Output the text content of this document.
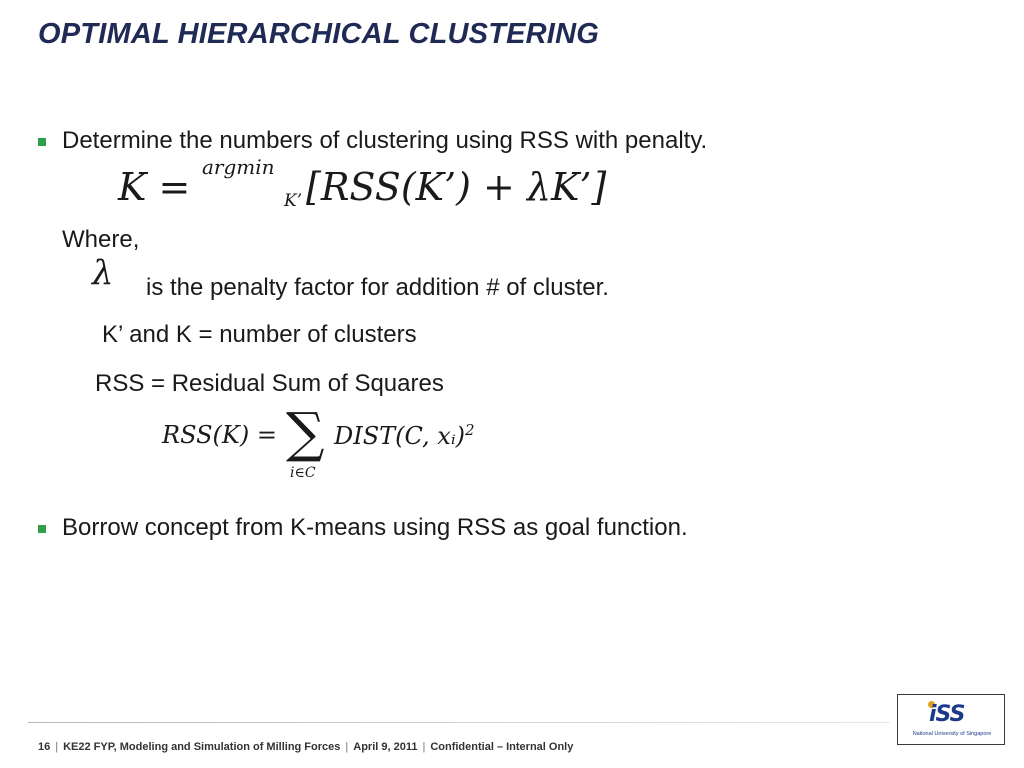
OPTIMAL HIERARCHICAL CLUSTERING
Determine the numbers of clustering using RSS with penalty.
K = argmin
K’ [RSS(K’) + λK’]
Where,
λ is the penalty factor for addition # of cluster.
K’ and K = number of clusters
RSS = Residual Sum of Squares
RSS(K) = ∑
i∈C
DIST(C, xᵢ)$^2$
Borrow concept from K-means using RSS as goal function.
16 | KE22 FYP, Modeling and Simulation of Milling Forces | April 9, 2011 | Confidential – Internal Only
iSS
National University of Singapore
